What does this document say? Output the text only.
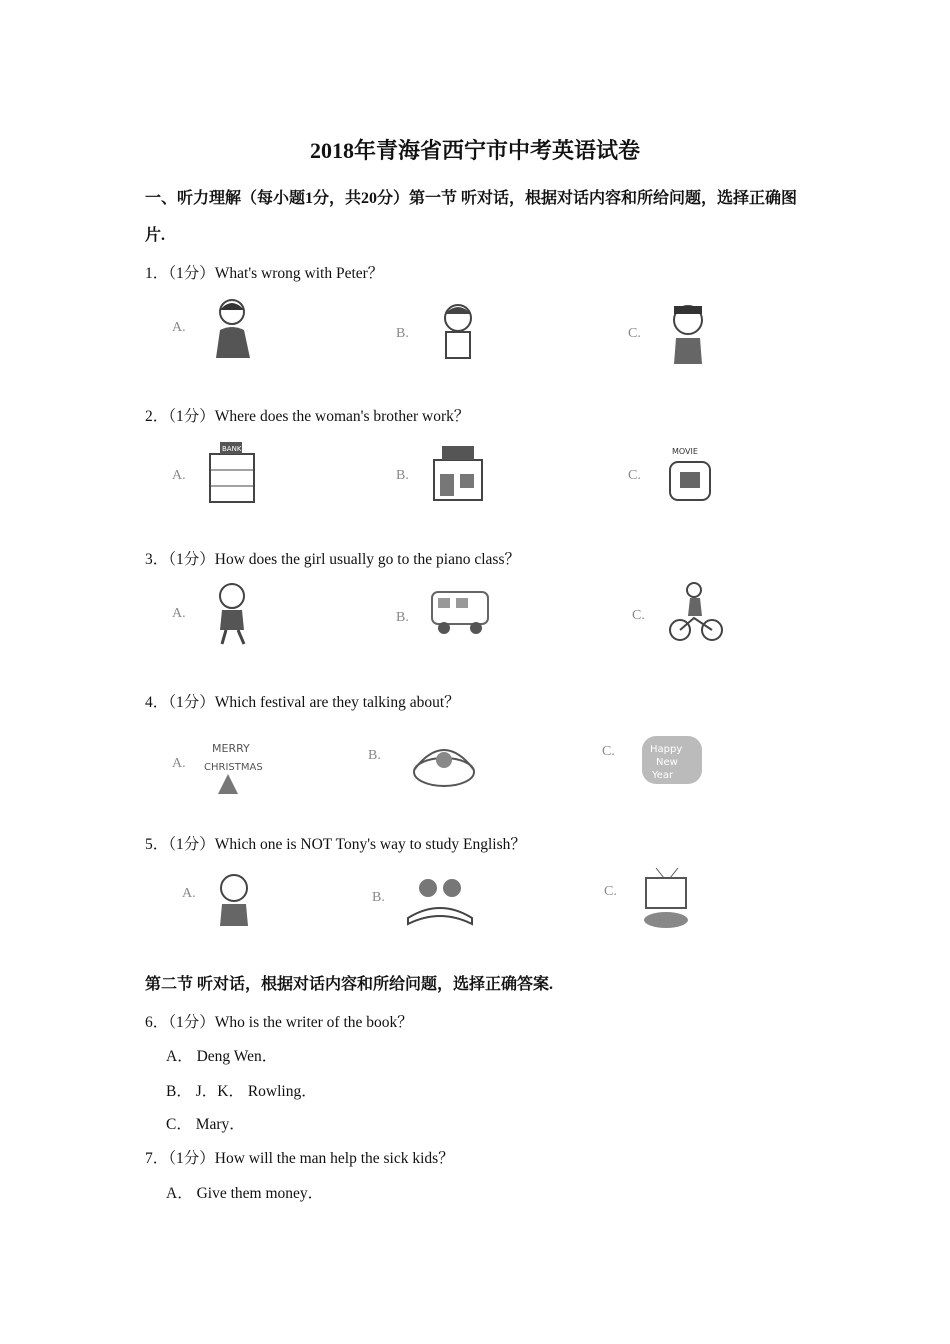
2018年青海省西宁市中考英语试卷
一、听力理解（每小题1分，共20分）第一节 听对话，根据对话内容和所给问题，选择正确图片.
1．（1分）What's wrong with Peter？
A.	B.	C.
2．（1分）Where does the woman's brother work？
A.
BANK
B.	C.
MOVIE
3．（1分）How does the girl usually go to the piano class？
A.	B.	C.
4．（1分）Which festival are they talking about？
A.
MERRY
CHRISTMAS
B.	C.	Happy
New
Year
5．（1分）Which one is NOT Tony's way to study English？
A.	B.	C.
第二节 听对话，根据对话内容和所给问题，选择正确答案.
6．（1分）Who is the writer of the book？
A． Deng Wen．
B． J．K． Rowling．
C． Mary．
7．（1分）How will the man help the sick kids？
A． Give them money．
